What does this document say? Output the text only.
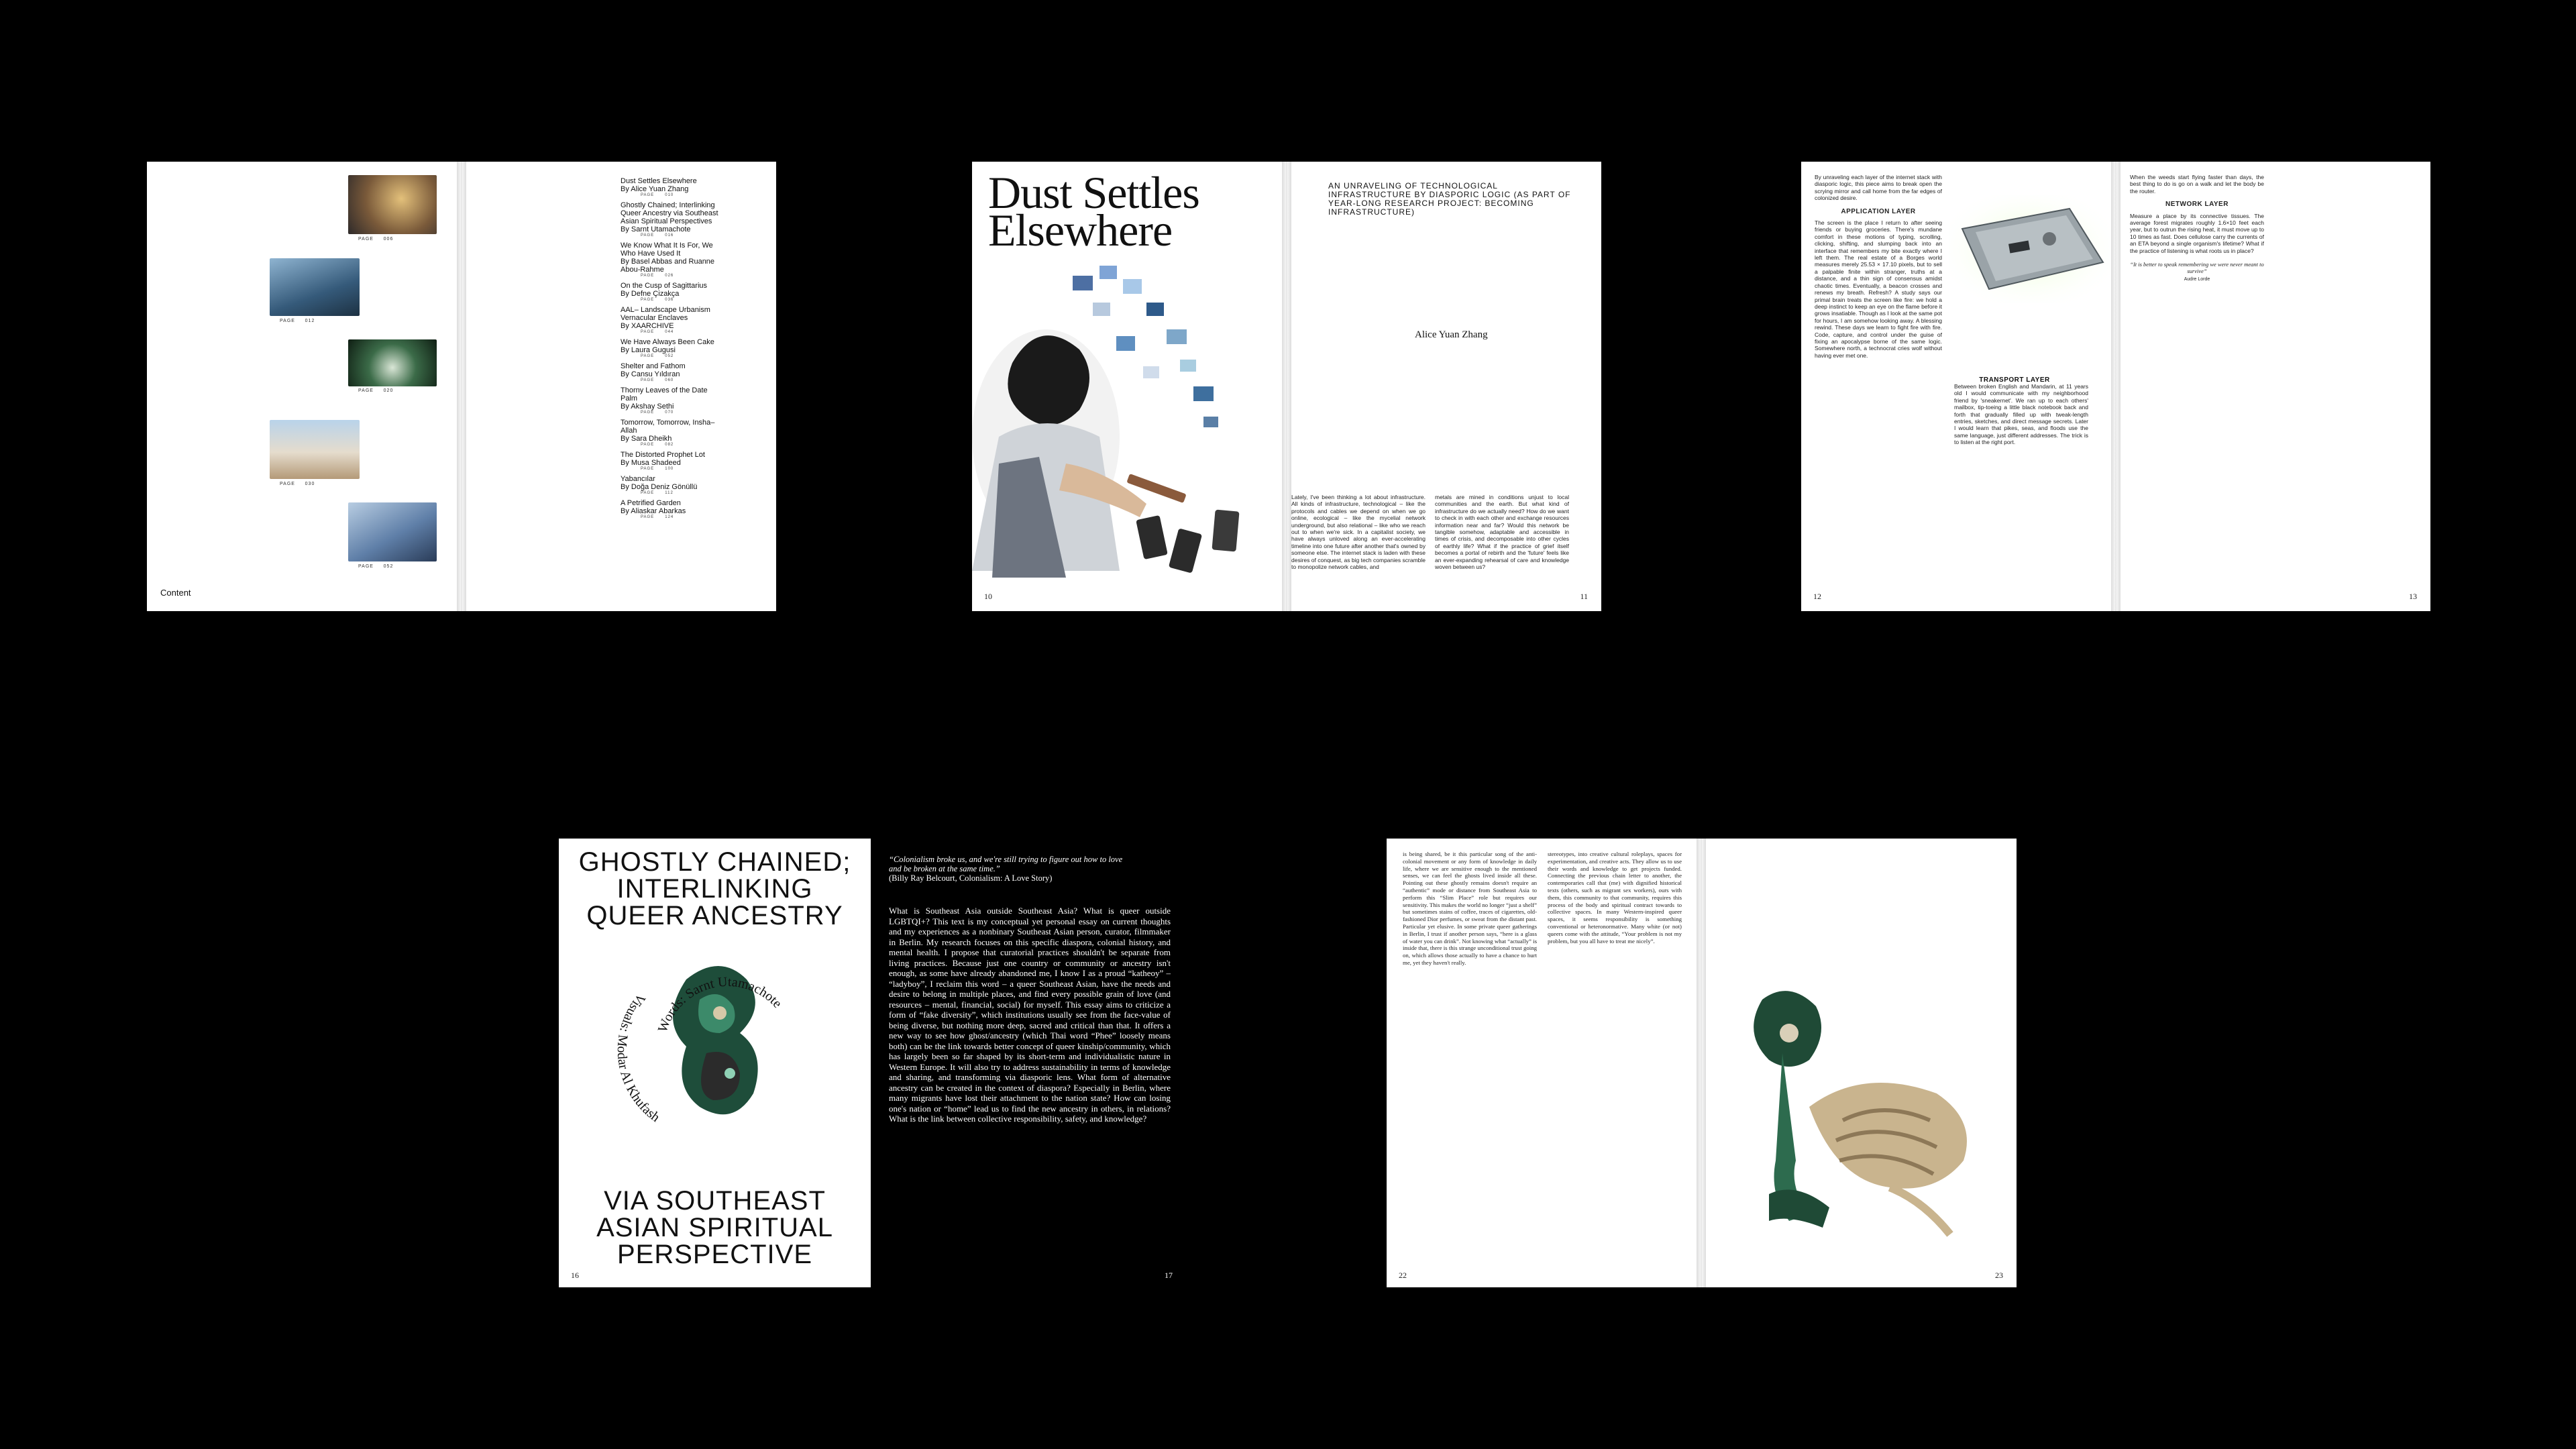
PAGE     006
PAGE     012
PAGE     020
PAGE     030
PAGE     052
Dust Settles Elsewhere
By Alice Yuan Zhang
PAGE      010
Ghostly Chained; Interlinking Queer Ancestry via Southeast Asian Spiritual Perspectives
By Sarnt Utamachote
PAGE      016
We Know What It Is For, We Who Have Used It
By Basel Abbas and Ruanne Abou-Rahme
PAGE      026
On the Cusp of Sagittarius
By Defne Çizakça
PAGE      036
AAL– Landscape Urbanism Vernacular Enclaves
By XAARCHIVE
PAGE      044
We Have Always Been Cake
By Laura Gugusi
PAGE      052
Shelter and Fathom
By Cansu Yıldıran
PAGE      060
Thorny Leaves of the Date Palm
By Akshay Sethi
PAGE      070
Tomorrow, Tomorrow, Insha–Allah
By Sara Dheikh
PAGE      082
The Distorted Prophet Lot
By Musa Shadeed
PAGE      100
Yabancılar
By Doğa Deniz Gönüllü
PAGE      112
A Petrified Garden
By Aliaskar Abarkas
PAGE      124
Content
Dust Settles
Elsewhere
AN UNRAVELING OF TECHNOLOGICAL INFRASTRUCTURE BY DIASPORIC LOGIC (AS PART OF YEAR-LONG RESEARCH PROJECT: BECOMING INFRASTRUCTURE)
Alice Yuan Zhang
Lately, I've been thinking a lot about infrastructure. All kinds of infrastructure, technological – like the protocols and cables we depend on when we go online, ecological – like the mycelial network underground, but also relational – like who we reach out to when we're sick. In a capitalist society, we have always unloved along an ever-accelerating timeline into one future after another that's owned by someone else. The internet stack is laden with these desires of conquest, as big tech companies scramble to monopolize network cables, and
metals are mined in conditions unjust to local communities and the earth. But what kind of infrastructure do we actually need? How do we want to check in with each other and exchange resources information near and far? Would this network be tangible somehow, adaptable and accessible in times of crisis, and decomposable into other cycles of earthly life? What if the practice of grief itself becomes a portal of rebirth and the 'future' feels like an ever-expanding rehearsal of care and knowledge woven between us?
10	11
By unraveling each layer of the internet stack with diasporic logic, this piece aims to break open the scrying mirror and call home from the far edges of colonized desire.
APPLICATION LAYER
The screen is the place I return to after seeing friends or buying groceries. There's mundane comfort in these motions of typing, scrolling, clicking, shifting, and slumping back into an interface that remembers my bite exactly where I left them. The real estate of a Borges world measures merely 25.53 × 17.10 pixels, but to sell a palpable finite within stranger, truths at a distance, and a thin sign of consensus amidst chaotic times. Eventually, a beacon crosses and renews my breath. Refresh? A study says our primal brain treats the screen like fire: we hold a deep instinct to keep an eye on the flame before it grows insatiable. Though as I look at the same pot for hours, I am somehow looking away. A blessing rewind. These days we learn to fight fire with fire. Code, capture, and control under the guise of fixing an apocalypse borne of the same logic. Somewhere north, a technocrat cries wolf without having ever met one.
TRANSPORT LAYER
Between broken English and Mandarin, at 11 years old I would communicate with my neighborhood friend by 'sneakernet'. We ran up to each others' mailbox, tip-toeing a little black notebook back and forth that gradually filled up with tweak-length entries, sketches, and direct message secrets. Later I would learn that pikes, seas, and floods use the same language, just different addresses. The trick is to listen at the right port.
When the weeds start flying faster than days, the best thing to do is go on a walk and let the body be the router.
NETWORK LAYER
Measure a place by its connective tissues. The average forest migrates roughly 1.6×10 feet each year, but to outrun the rising heat, it must move up to 10 times as fast. Does cellulose carry the currents of an ETA beyond a single organism's lifetime? What if the practice of listening is what roots us in place?
“It is better to speak remembering we were never meant to survive”
Audre Lorde
12	13
GHOSTLY CHAINED;
INTERLINKING
QUEER ANCESTRY
Words: Sarnt Utamachote
Visuals: Modar Al Khufash
VIA SOUTHEAST
ASIAN SPIRITUAL
PERSPECTIVE
“Colonialism broke us, and we're still trying to figure out how to love and be broken at the same time.”
(Billy Ray Belcourt, Colonialism: A Love Story)
What is Southeast Asia outside Southeast Asia? What is queer outside LGBTQI+? This text is my conceptual yet personal essay on current thoughts and my experiences as a nonbinary Southeast Asian person, curator, filmmaker in Berlin. My research focuses on this specific diaspora, colonial history, and mental health. I propose that curatorial practices shouldn't be separate from living practices. Because just one country or community or ancestry isn't enough, as some have already abandoned me, I know I as a proud “katheoy” – “ladyboy”, I reclaim this word – a queer Southeast Asian, have the needs and desire to belong in multiple places, and find every possible grain of love (and resources – mental, financial, social) for myself. This essay aims to criticize a form of “fake diversity”, which institutions usually see from the face-value of being diverse, but nothing more deep, sacred and critical than that. It offers a new way to see how ghost/ancestry (which Thai word “Phee” loosely means both) can be the link towards better concept of queer kinship/community, which has largely been so far shaped by its short-term and individualistic nature in Western Europe. It will also try to address sustainability in terms of knowledge and sharing, and transforming via diasporic lens. What form of alternative ancestry can be created in the context of diaspora? Especially in Berlin, where many migrants have lost their attachment to the nation state? How can losing one's nation or “home” lead us to find the new ancestry in others, in relations? What is the link between collective responsibility, safety, and knowledge?
16	17
is being shared, be it this particular song of the anti-colonial movement or any form of knowledge in daily life, where we are sensitive enough to the mentioned senses, we can feel the ghosts lived inside all these. Pointing out these ghostly remains doesn't require an “authentic” mode or distance from Southeast Asia to perform this “Slim Place” role but requires our sensitivity. This makes the world no longer “just a shelf” but sometimes stains of coffee, traces of cigarettes, old-fashioned Dior perfumes, or sweat from the distant past. Particular yet elusive. In some private queer gatherings in Berlin, I trust if another person says, “here is a glass of water you can drink”. Not knowing what “actually” is inside that, there is this strange unconditional trust going on, which allows those actually to have a chance to hurt me, yet they haven't really.
stereotypes, into creative cultural roleplays, spaces for experimentation, and creative acts. They allow us to use their words and knowledge to get projects funded. Connecting the previous chain letter to another, the contemporaries call that (me) with dignified historical texts (others, such as migrant sex workers), ours with them, this community to that community, requires this process of the body and spiritual contract towards to collective spaces. In many Western-inspired queer spaces, it seems responsibility is something conventional or heteronormative. Many white (or not) queers come with the attitude, “Your problem is not my problem, but you all have to treat me nicely”.
22	23
